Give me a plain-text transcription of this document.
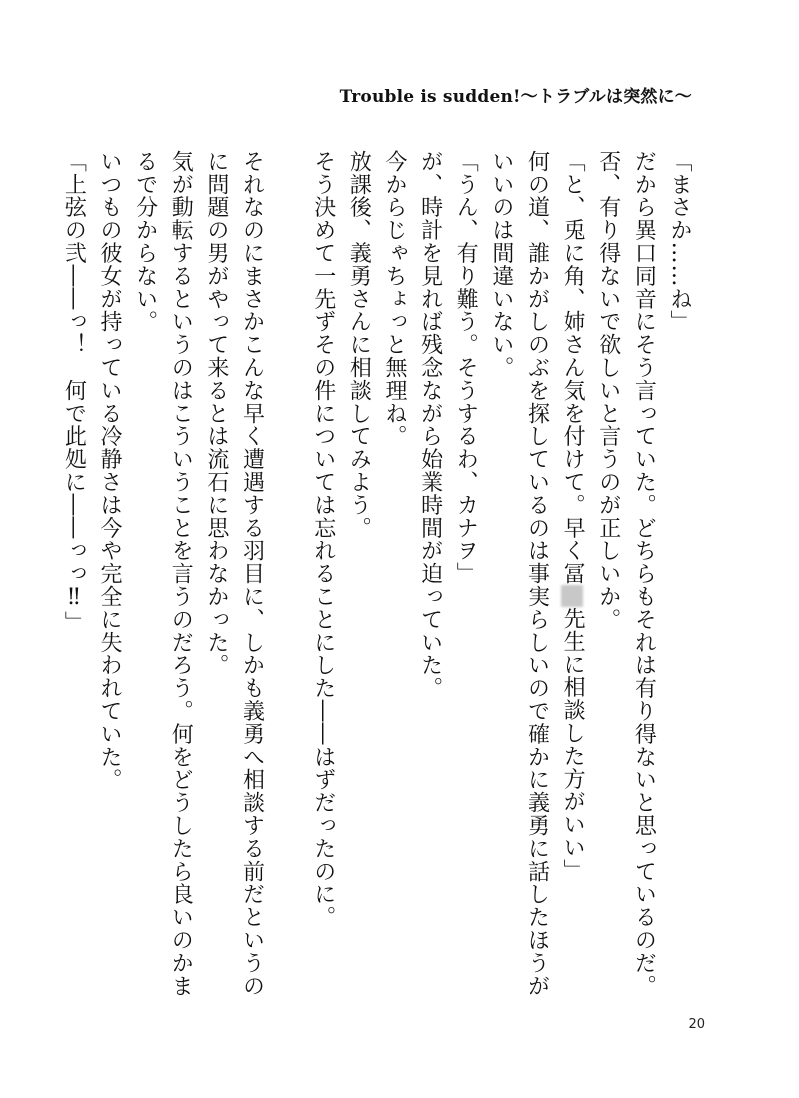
Trouble is sudden!〜トラブルは突然に〜

「まさか……ね」

だから異口同音にそう言っていた。どちらもそれは有り得ないと思っているのだ。否、有り得ないで欲しいと言うのが正しいか。

「と、兎に角、姉さん気を付けて。早く冨先生に相談した方がいい」

何の道、誰かがしのぶを探しているのは事実らしいので確かに義勇に話したほうがいいのは間違いない。

「うん、有り難う。そうするわ、カナヲ」

が、時計を見れば残念ながら始業時間が迫っていた。

今からじゃちょっと無理ね。

放課後、義勇さんに相談してみよう。

そう決めて一先ずその件については忘れることにした――はずだったのに。

それなのにまさかこんな早く遭遇する羽目に、しかも義勇へ相談する前だというのに問題の男がやって来るとは流石に思わなかった。

気が動転するというのはこういうことを言うのだろう。何をどうしたら良いのかまるで分からない。

いつもの彼女が持っている冷静さは今や完全に失われていた。

「上弦の弐――っ！　何で此処に――っっ‼」

20
